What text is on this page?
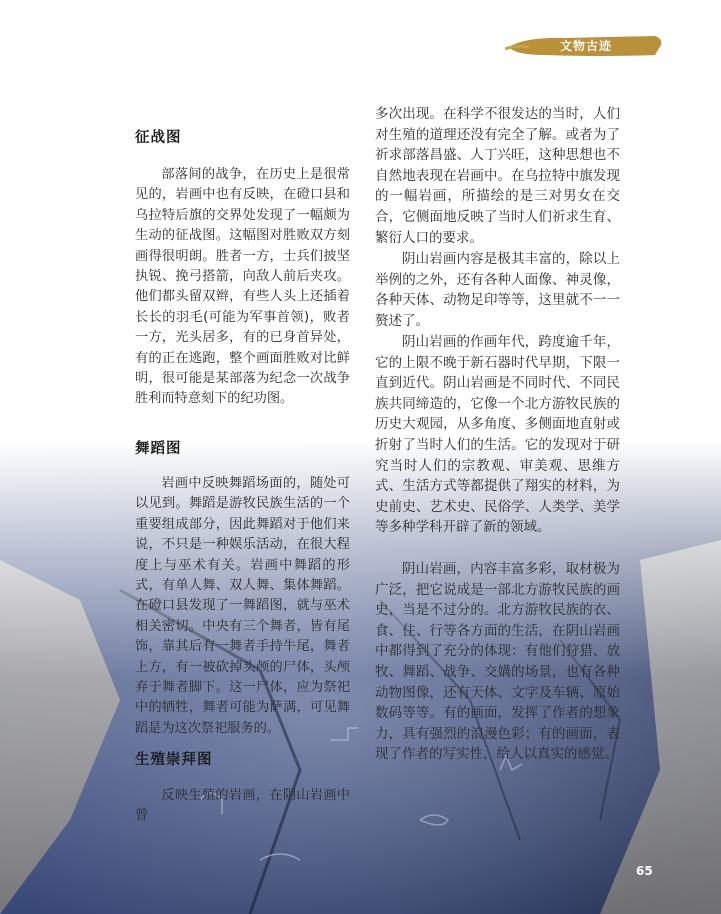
文物古迹
征战图

部落间的战争，在历史上是很常见的，岩画中也有反映，在磴口县和乌拉特后旗的交界处发现了一幅颇为生动的征战图。这幅图对胜败双方刻画得很明朗。胜者一方，士兵们披坚执锐、挽弓搭箭，向敌人前后夹攻。他们都头留双辫，有些人头上还插着长长的羽毛(可能为军事首领)，败者一方，光头居多，有的已身首异处，有的正在逃跑，整个画面胜败对比鲜明，很可能是某部落为纪念一次战争胜利而特意刻下的纪功图。

舞蹈图

岩画中反映舞蹈场面的，随处可以见到。舞蹈是游牧民族生活的一个重要组成部分，因此舞蹈对于他们来说，不只是一种娱乐活动，在很大程度上与巫术有关。岩画中舞蹈的形式，有单人舞、双人舞、集体舞蹈。在磴口县发现了一舞蹈图，就与巫术相关密切。中央有三个舞者，皆有尾饰，靠其后有一舞者手持牛尾，舞者上方，有一被砍掉头颅的尸体，头颅弃于舞者脚下。这一尸体，应为祭祀中的牺牲，舞者可能为萨满，可见舞蹈是为这次祭祀服务的。

生殖崇拜图

反映生殖的岩画，在阴山岩画中曾

多次出现。在科学不很发达的当时，人们对生殖的道理还没有完全了解。或者为了祈求部落昌盛、人丁兴旺，这种思想也不自然地表现在岩画中。在乌拉特中旗发现的一幅岩画，所描绘的是三对男女在交合，它侧面地反映了当时人们祈求生育、繁衍人口的要求。

阴山岩画内容是极其丰富的，除以上举例的之外，还有各种人面像、神灵像，各种天体、动物足印等等，这里就不一一赘述了。

阴山岩画的作画年代，跨度逾千年，它的上限不晚于新石器时代早期，下限一直到近代。阴山岩画是不同时代、不同民族共同缔造的，它像一个北方游牧民族的历史大观园，从多角度、多侧面地直射或折射了当时人们的生活。它的发现对于研究当时人们的宗教观、审美观、思维方式、生活方式等都提供了翔实的材料，为史前史、艺术史、民俗学、人类学、美学等多种学科开辟了新的领域。

阴山岩画，内容丰富多彩，取材极为广泛，把它说成是一部北方游牧民族的画史，当是不过分的。北方游牧民族的衣、食、住、行等各方面的生活，在阴山岩画中都得到了充分的体现：有他们狩猎、放牧、舞蹈、战争、交媾的场景，也有各种动物图像，还有天体、文字及车辆、原始数码等等。有的画面，发挥了作者的想象力，具有强烈的浪漫色彩；有的画面，表现了作者的写实性，给人以真实的感觉。

65
